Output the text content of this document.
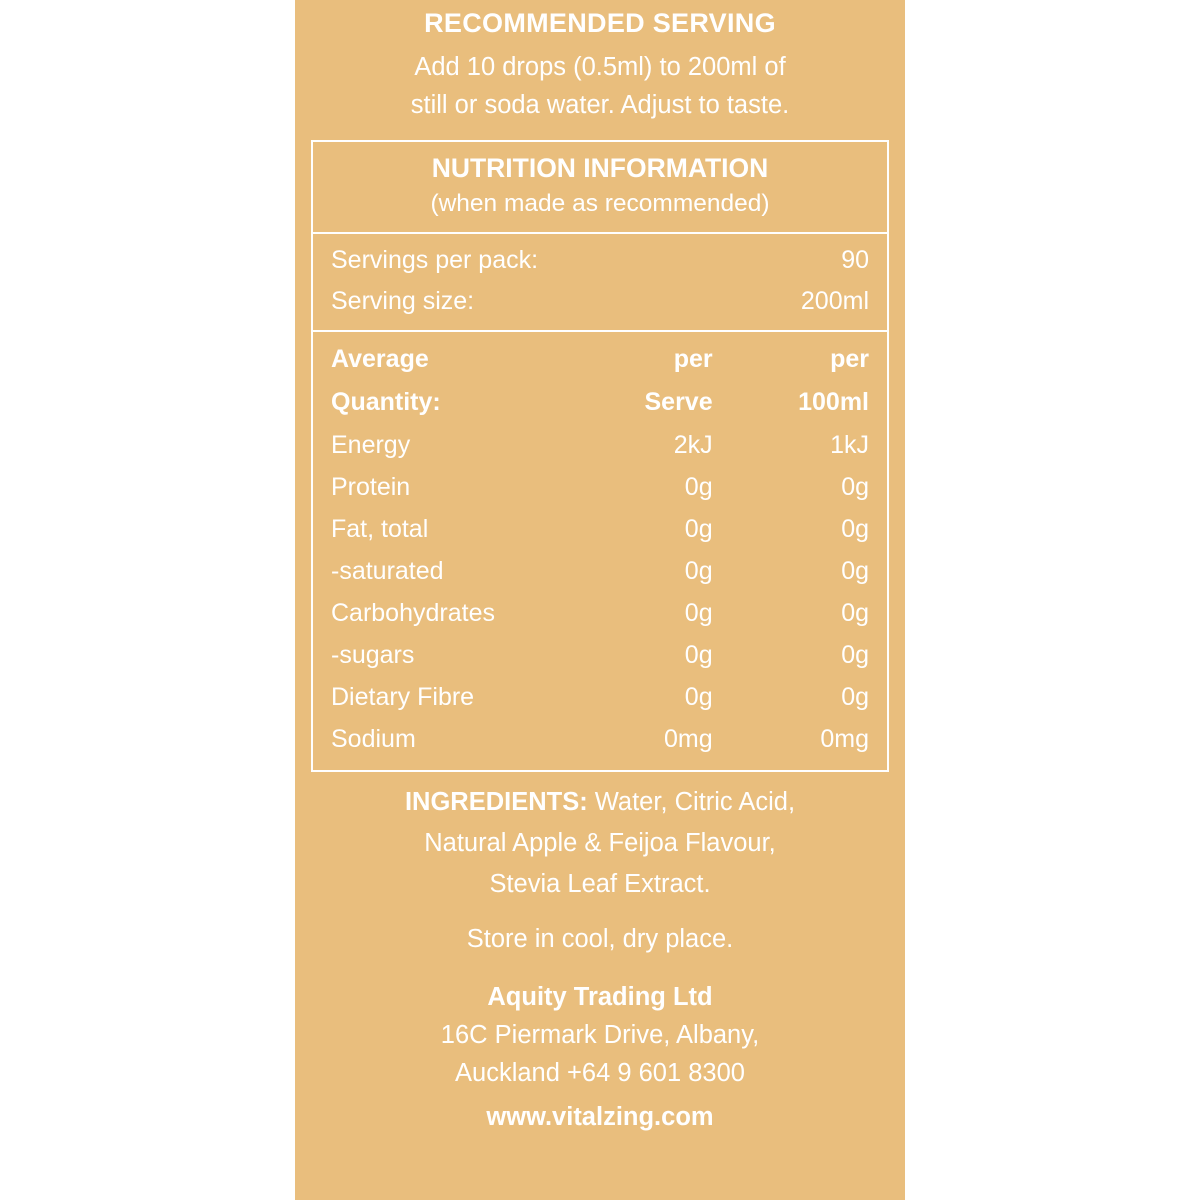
RECOMMENDED SERVING
Add 10 drops (0.5ml) to 200ml of
still or soda water. Adjust to taste.
NUTRITION INFORMATION
(when made as recommended)
Servings per pack:	90
Serving size:	200ml
Average	per	per
Quantity:	Serve	100ml
Energy	2kJ	1kJ
Protein	0g	0g
Fat, total	0g	0g
-saturated	0g	0g
Carbohydrates	0g	0g
-sugars	0g	0g
Dietary Fibre	0g	0g
Sodium	0mg	0mg
INGREDIENTS: Water, Citric Acid,
Natural Apple & Feijoa Flavour,
Stevia Leaf Extract.
Store in cool, dry place.
Aquity Trading Ltd
16C Piermark Drive, Albany,
Auckland +64 9 601 8300
www.vitalzing.com
